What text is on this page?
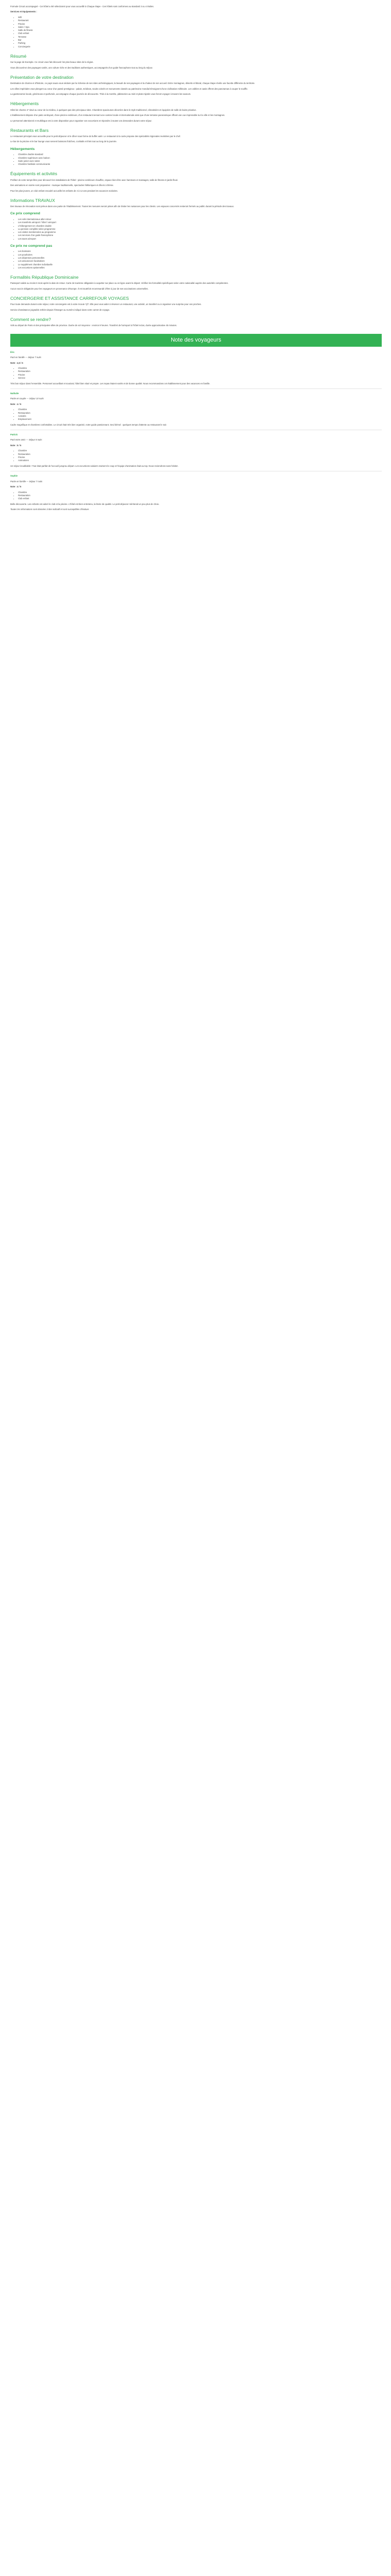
Formule Circuit accompagné - Cet hôtel a été sélectionné pour vous accueillir à Chaque étape - Ces hôtels sont conformes au standard 3 ou 4 étoiles.

Services et équipements :

• Wifi
• Restaurant
• Piscine
• Salon / Spa
• Salle de fitness
• Club enfant
• Terrasse
• Bar
• Parking
• Conciergerie
Résumé

Sur la page de Exemple. Ce circuit vous fait découvrir les plus beaux sites de la région.

Vous découvrirez des paysages variés, une culture riche et des traditions authentiques, accompagnés d'un guide francophone tout au long du séjour.

Présentation de votre destination

Destination de charme et d'histoire, ce pays saura vous séduire par la richesse de ses sites archéologiques, la beauté de ses paysages et la chaleur de son accueil. Entre montagnes, déserts et littoral, chaque étape révèle une facette différente du territoire.

Les villes impériales vous plongent au cœur d'un passé prestigieux : palais, médinas, souks colorés et monuments classés au patrimoine mondial témoignent d'une civilisation millénaire. Les vallées et oasis offrent des panoramas à couper le souffle.

La gastronomie locale, généreuse et parfumée, accompagne chaque journée de découverte. Thés à la menthe, pâtisseries au miel et plats mijotés vous feront voyager à travers les saveurs.

Hébergements

Hôtel de charme 4* situé au cœur de la médina, à quelques pas des principaux sites. Chambres spacieuses décorées dans le style traditionnel, climatisées et équipées de salle de bains privative.

L'établissement dispose d'un patio verdoyant, d'une piscine extérieure, d'un restaurant servant une cuisine locale et internationale ainsi que d'une terrasse panoramique offrant une vue imprenable sur la ville et les montagnes.

Le personnel attentionné et multilingue est à votre disposition pour organiser vos excursions et répondre à toutes vos demandes durant votre séjour.

Restaurants et Bars

Le restaurant principal vous accueille pour le petit déjeuner et le dîner sous forme de buffet varié. Le restaurant à la carte propose des spécialités régionales revisitées par le chef.

Le bar de la piscine et le bar lounge vous servent boissons fraîches, cocktails et thés tout au long de la journée.

Hébergements
• Chambre double standard
• Chambre supérieure avec balcon
• Suite junior avec salon
• Chambre familiale communicante
Équipements et activités

Profitez de votre temps libre pour découvrir les installations de l'hôtel : piscine extérieure chauffée, espace bien-être avec hammam et massages, salle de fitness et jardin fleuri.

Des animations en soirée sont proposées : musique traditionnelle, spectacles folkloriques et dîners à thème.

Pour les plus jeunes, un club enfant encadré accueille les enfants de 4 à 12 ans pendant les vacances scolaires.

Informations TRAVAUX

Des travaux de rénovation sont prévus dans une partie de l'établissement. Toutes les mesures seront prises afin de limiter les nuisances pour les clients. Les espaces concernés resteront fermés au public durant la période des travaux.

Ce prix comprend
• Les vols internationaux aller-retour
• Les transferts aéroport / hôtel / aéroport
• L'hébergement en chambre double
• La pension complète selon programme
• Les visites mentionnées au programme
• Les services d'un guide francophone
• Les taxes aéroport
Ce prix ne comprend pas
• Les boissons
• Les pourboires
• Les dépenses personnelles
• Les assurances facultatives
• Le supplément chambre individuelle
• Les excursions optionnelles
Formalités République Dominicaine

Passeport valide au moins 6 mois après la date de retour. Carte de tourisme obligatoire à acquitter sur place ou en ligne avant le départ. Vérifiez les formalités spécifiques selon votre nationalité auprès des autorités compétentes.

Aucun vaccin obligatoire pour les voyageurs en provenance d'Europe. Il est toutefois recommandé d'être à jour de ses vaccinations universelles.

CONCIERGERIE ET ASSISTANCE CARREFOUR VOYAGES

Pour toute demande durant votre séjour, notre conciergerie est à votre écoute 7j/7. Elle peut vous aider à réserver un restaurant, une activité, un transfert ou à organiser une surprise pour vos proches.

Service d'assistance joignable 24h/24 depuis l'étranger au numéro indiqué dans votre carnet de voyage.

Comment se rendre?

Vols au départ de Paris et des principales villes de province. Durée de vol moyenne : environ 9 heures. Transfert de l'aéroport à l'hôtel inclus, durée approximative 45 minutes.

Note des voyageurs

Éric

Parti en famille — Séjour 7 nuits

Note : 4,5 / 5

• Chambre
• Restauration
• Piscine
• Service

Très bon séjour dans l'ensemble. Personnel accueillant et souriant, hôtel bien situé et propre. Les repas étaient variés et de bonne qualité. Nous recommandons cet établissement pour des vacances en famille.

Nathalie

Partie en couple — Séjour 10 nuits

Note : 4 / 5

• Chambre
• Restauration
• Activités
• Emplacement

Cadre magnifique et chambres confortables. Le circuit était très bien organisé, notre guide passionnant. Seul bémol : quelques temps d'attente au restaurant le soir.

Patrick

Parti entre amis — Séjour 8 nuits

Note : 5 / 5

• Chambre
• Restauration
• Piscine
• Animations

Un séjour inoubliable ! Tout était parfait de l'accueil jusqu'au départ. Les excursions valaient vraiment le coup et l'équipe d'animation était au top. Nous reviendrons sans hésiter.

Sophie

Partie en famille — Séjour 7 nuits

Note : 4 / 5

• Chambre
• Restauration
• Club enfant

Belle découverte. Les enfants ont adoré le club et la piscine. L'hôtel est bien entretenu, la literie de qualité. Le petit déjeuner mériterait un peu plus de choix.

Toutes les informations sont données à titre indicatif et sont susceptibles d'évoluer.
